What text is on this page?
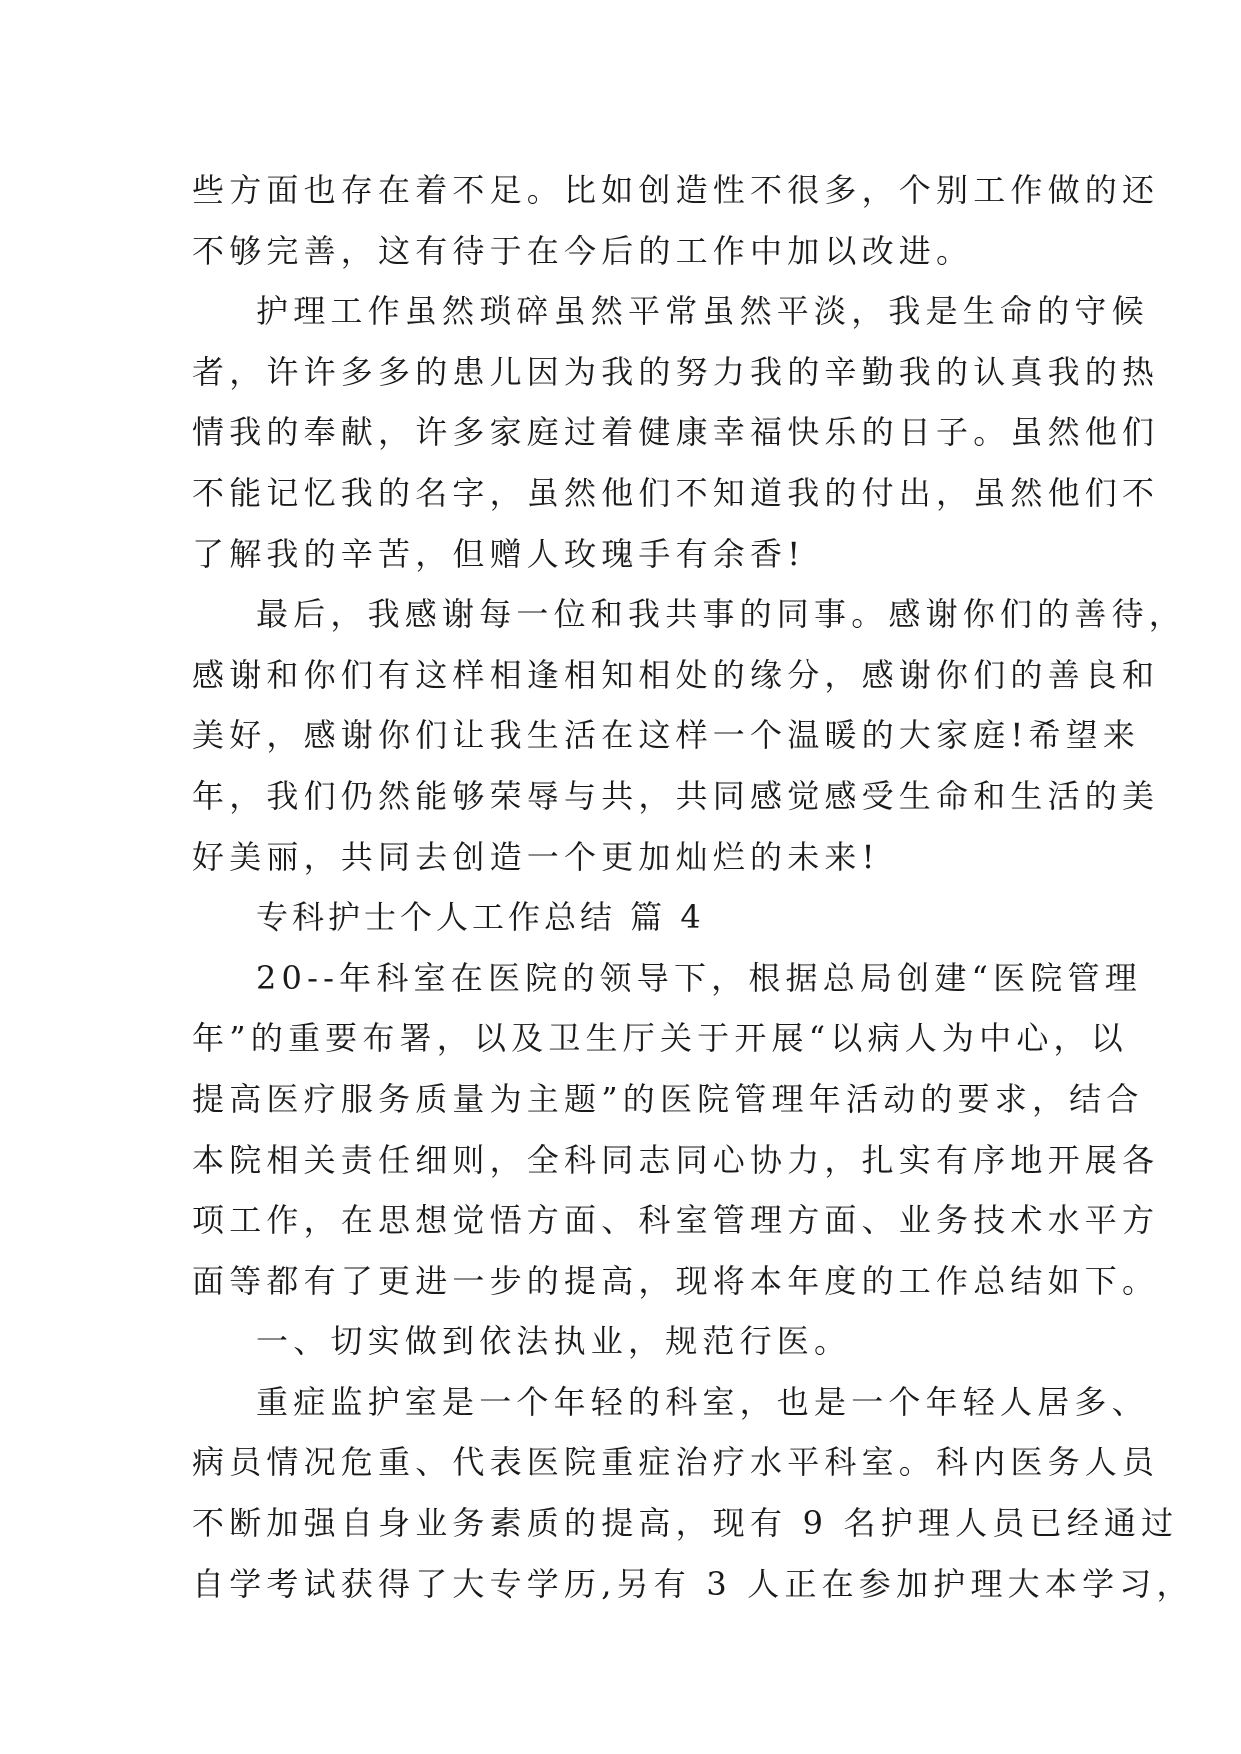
些方面也存在着不足。比如创造性不很多，个别工作做的还
不够完善，这有待于在今后的工作中加以改进。
护理工作虽然琐碎虽然平常虽然平淡，我是生命的守候
者，许许多多的患儿因为我的努力我的辛勤我的认真我的热
情我的奉献，许多家庭过着健康幸福快乐的日子。虽然他们
不能记忆我的名字，虽然他们不知道我的付出，虽然他们不
了解我的辛苦，但赠人玫瑰手有余香!
最后，我感谢每一位和我共事的同事。感谢你们的善待，
感谢和你们有这样相逢相知相处的缘分，感谢你们的善良和
美好，感谢你们让我生活在这样一个温暖的大家庭!希望来
年，我们仍然能够荣辱与共，共同感觉感受生命和生活的美
好美丽，共同去创造一个更加灿烂的未来!
专科护士个人工作总结 篇 4
20--年科室在医院的领导下，根据总局创建“医院管理
年”的重要布署，以及卫生厅关于开展“以病人为中心，以
提高医疗服务质量为主题”的医院管理年活动的要求，结合
本院相关责任细则，全科同志同心协力，扎实有序地开展各
项工作，在思想觉悟方面、科室管理方面、业务技术水平方
面等都有了更进一步的提高，现将本年度的工作总结如下。
一、切实做到依法执业，规范行医。
重症监护室是一个年轻的科室，也是一个年轻人居多、
病员情况危重、代表医院重症治疗水平科室。科内医务人员
不断加强自身业务素质的提高，现有 9 名护理人员已经通过
自学考试获得了大专学历,另有 3 人正在参加护理大本学习，
